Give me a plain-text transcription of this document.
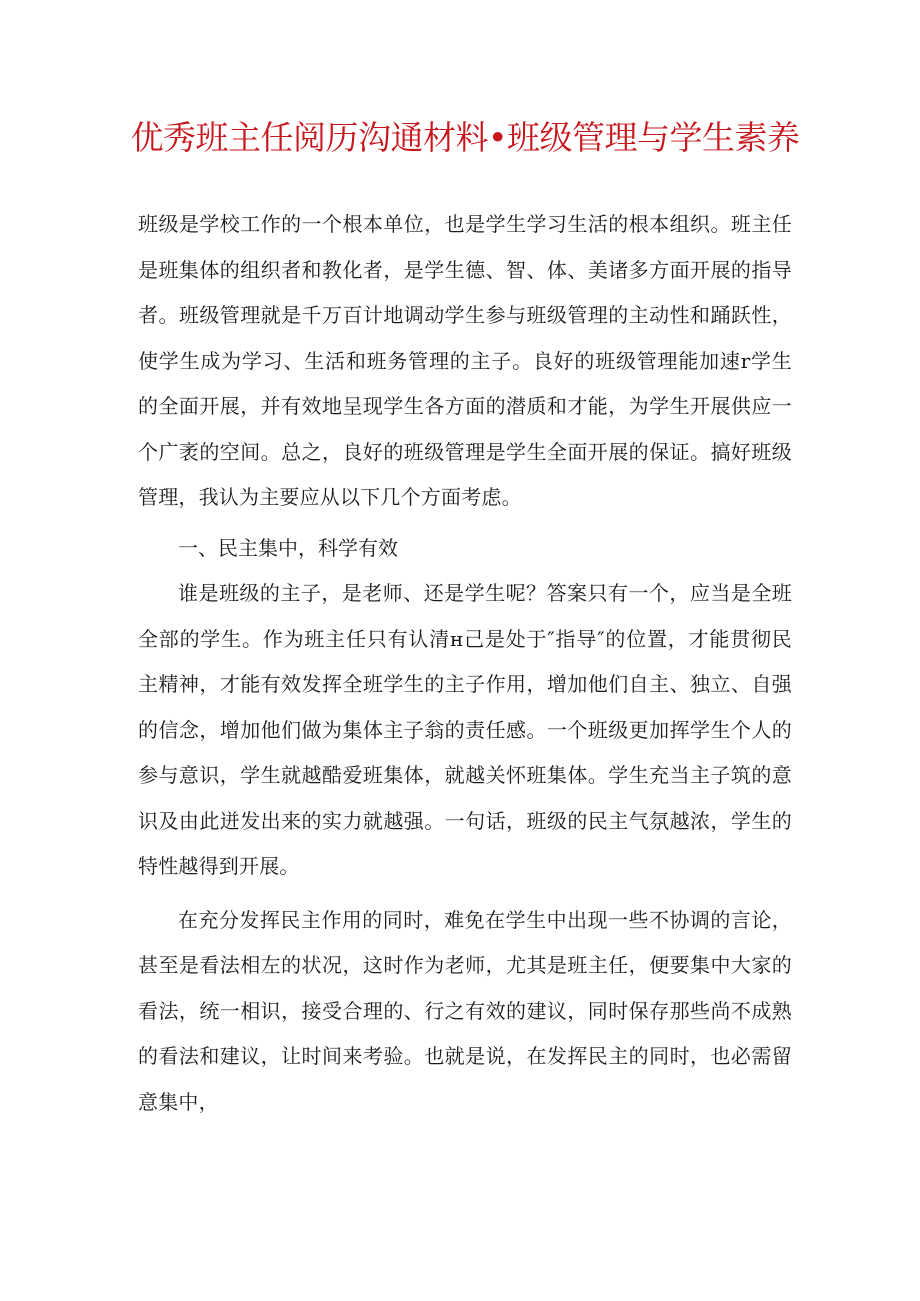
优秀班主任阅历沟通材料•班级管理与学生素养

班级是学校工作的一个根本单位，也是学生学习生活的根本组织。班主任是班集体的组织者和教化者，是学生德、智、体、美诸多方面开展的指导者。班级管理就是千万百计地调动学生参与班级管理的主动性和踊跃性，使学生成为学习、生活和班务管理的主子。良好的班级管理能加速r学生的全面开展，并有效地呈现学生各方面的潜质和才能，为学生开展供应一个广袤的空间。总之，良好的班级管理是学生全面开展的保证。搞好班级管理，我认为主要应从以下几个方面考虑。

一、民主集中，科学有效

谁是班级的主子，是老师、还是学生呢？答案只有一个，应当是全班全部的学生。作为班主任只有认清н己是处于″指导″的位置，才能贯彻民主精神，才能有效发挥全班学生的主子作用，增加他们自主、独立、自强的信念，增加他们做为集体主子翁的责任感。一个班级更加挥学生个人的参与意识，学生就越酷爱班集体，就越关怀班集体。学生充当主子筑的意识及由此迸发出来的实力就越强。一句话，班级的民主气氛越浓，学生的特性越得到开展。

在充分发挥民主作用的同时，难免在学生中出现一些不协调的言论，甚至是看法相左的状况，这时作为老师，尤其是班主任，便要集中大家的看法，统一相识，接受合理的、行之有效的建议，同时保存那些尚不成熟的看法和建议，让时间来考验。也就是说，在发挥民主的同时，也必需留意集中，
